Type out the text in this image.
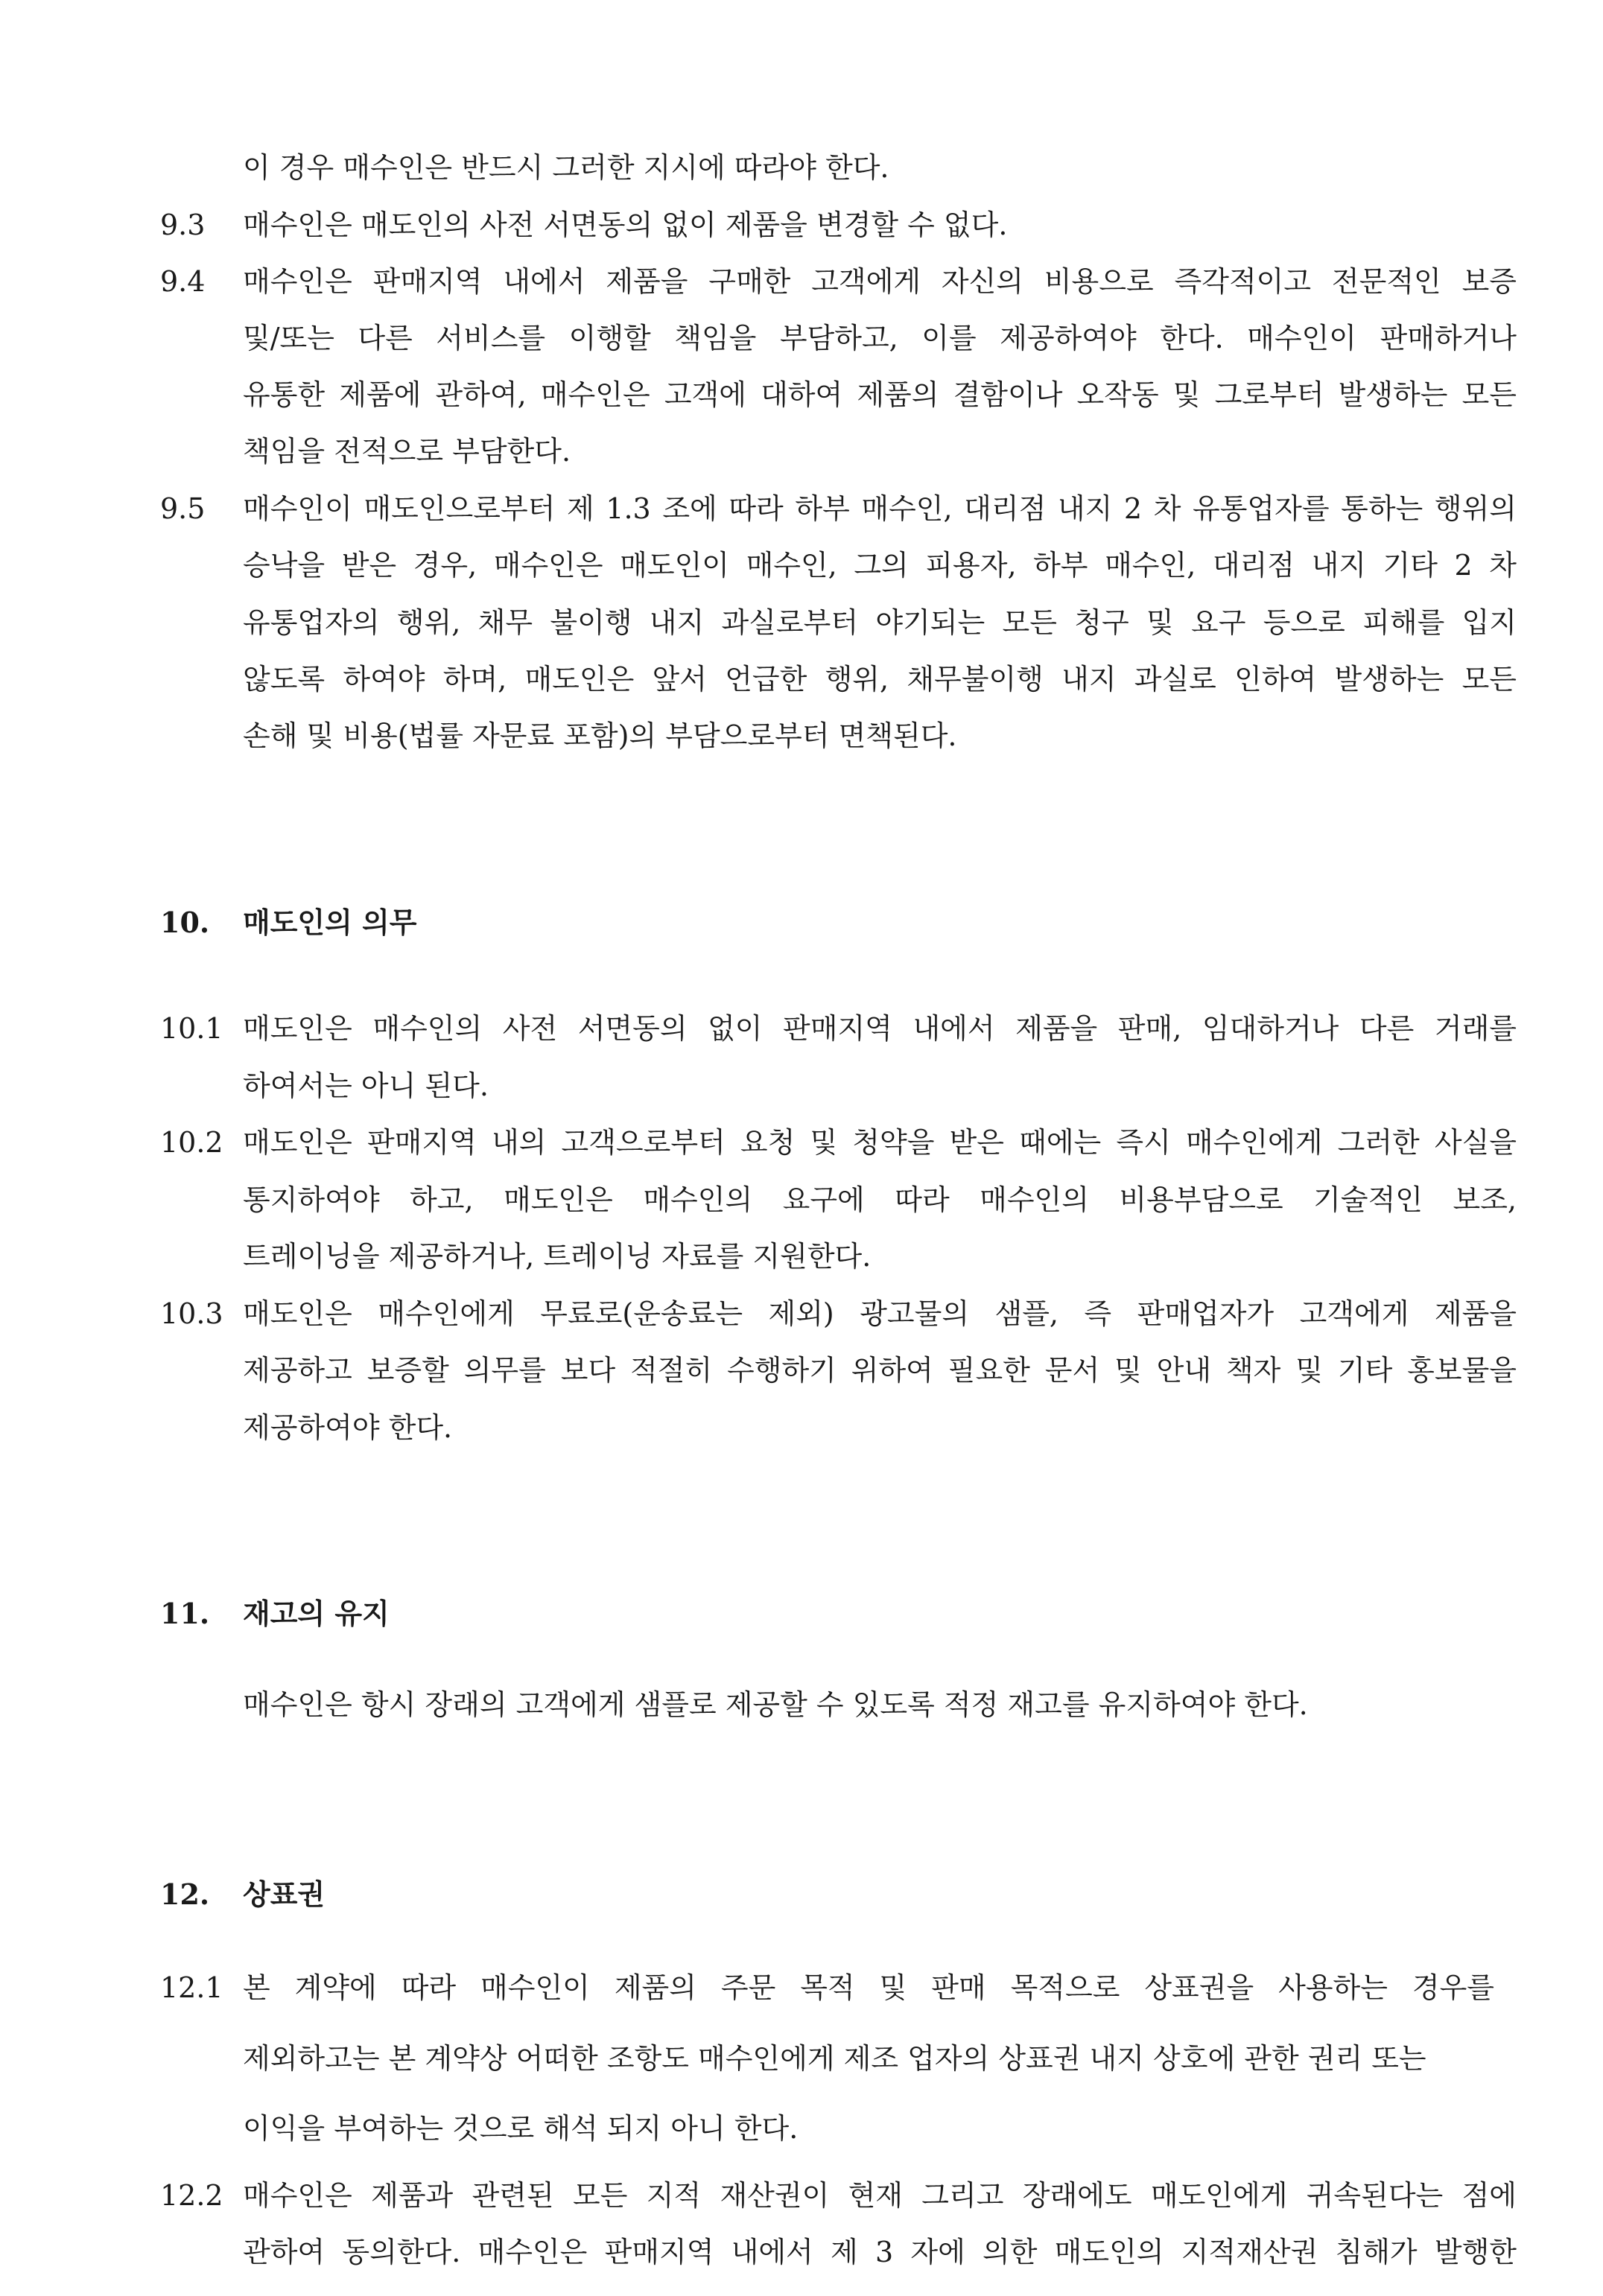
이 경우 매수인은 반드시 그러한 지시에 따라야 한다.
9.3 매수인은 매도인의 사전 서면동의 없이 제품을 변경할 수 없다.
9.4 매수인은 판매지역 내에서 제품을 구매한 고객에게 자신의 비용으로 즉각적이고 전문적인 보증
및/또는 다른 서비스를 이행할 책임을 부담하고, 이를 제공하여야 한다. 매수인이 판매하거나
유통한 제품에 관하여, 매수인은 고객에 대하여 제품의 결함이나 오작동 및 그로부터 발생하는 모든
책임을 전적으로 부담한다.
9.5 매수인이 매도인으로부터 제 1.3 조에 따라 하부 매수인, 대리점 내지 2 차 유통업자를 통하는 행위의
승낙을 받은 경우, 매수인은 매도인이 매수인, 그의 피용자, 하부 매수인, 대리점 내지 기타 2 차
유통업자의 행위, 채무 불이행 내지 과실로부터 야기되는 모든 청구 및 요구 등으로 피해를 입지
않도록 하여야 하며, 매도인은 앞서 언급한 행위, 채무불이행 내지 과실로 인하여 발생하는 모든
손해 및 비용(법률 자문료 포함)의 부담으로부터 면책된다.
10. 매도인의 의무
10.1 매도인은 매수인의 사전 서면동의 없이 판매지역 내에서 제품을 판매, 임대하거나 다른 거래를
하여서는 아니 된다.
10.2 매도인은 판매지역 내의 고객으로부터 요청 및 청약을 받은 때에는 즉시 매수인에게 그러한 사실을
통지하여야 하고, 매도인은 매수인의 요구에 따라 매수인의 비용부담으로 기술적인 보조,
트레이닝을 제공하거나, 트레이닝 자료를 지원한다.
10.3 매도인은 매수인에게 무료로(운송료는 제외) 광고물의 샘플, 즉 판매업자가 고객에게 제품을
제공하고 보증할 의무를 보다 적절히 수행하기 위하여 필요한 문서 및 안내 책자 및 기타 홍보물을
제공하여야 한다.
11. 재고의 유지
매수인은 항시 장래의 고객에게 샘플로 제공할 수 있도록 적정 재고를 유지하여야 한다.
12. 상표권
12.1 본 계약에 따라 매수인이 제품의 주문 목적 및 판매 목적으로 상표권을 사용하는 경우를
제외하고는 본 계약상 어떠한 조항도 매수인에게 제조 업자의 상표권 내지 상호에 관한 권리 또는
이익을 부여하는 것으로 해석 되지 아니 한다.
12.2 매수인은 제품과 관련된 모든 지적 재산권이 현재 그리고 장래에도 매도인에게 귀속된다는 점에
관하여 동의한다. 매수인은 판매지역 내에서 제 3 자에 의한 매도인의 지적재산권 침해가 발행한
